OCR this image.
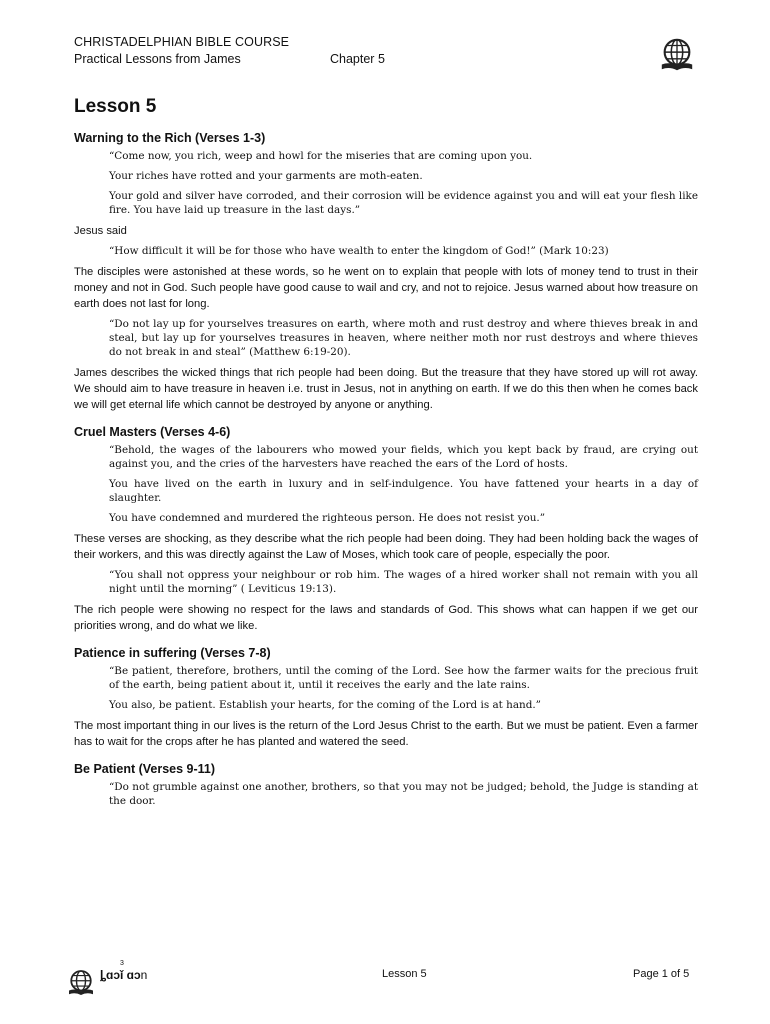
CHRISTADELPHIAN BIBLE COURSE
Practical Lessons from James	Chapter 5
Lesson 5
Warning to the Rich (Verses 1-3)

“Come now, you rich, weep and howl for the miseries that are coming upon you.

Your riches have rotted and your garments are moth-eaten.

Your gold and silver have corroded, and their corrosion will be evidence against you and will eat your flesh like fire. You have laid up treasure in the last days.”

Jesus said

“How difficult it will be for those who have wealth to enter the kingdom of God!” (Mark 10:23)

The disciples were astonished at these words, so he went on to explain that people with lots of money tend to trust in their money and not in God. Such people have good cause to wail and cry, and not to rejoice. Jesus warned about how treasure on earth does not last for long.

“Do not lay up for yourselves treasures on earth, where moth and rust destroy and where thieves break in and steal, but lay up for yourselves treasures in heaven, where neither moth nor rust destroys and where thieves do not break in and steal” (Matthew 6:19-20).

James describes the wicked things that rich people had been doing. But the treasure that they have stored up will rot away. We should aim to have treasure in heaven i.e. trust in Jesus, not in anything on earth. If we do this then when he comes back we will get eternal life which cannot be destroyed by anyone or anything.

Cruel Masters (Verses 4-6)

“Behold, the wages of the labourers who mowed your fields, which you kept back by fraud, are crying out against you, and the cries of the harvesters have reached the ears of the Lord of hosts.

You have lived on the earth in luxury and in self-indulgence. You have fattened your hearts in a day of slaughter.

You have condemned and murdered the righteous person. He does not resist you.”

These verses are shocking, as they describe what the rich people had been doing. They had been holding back the wages of their workers, and this was directly against the Law of Moses, which took care of people, especially the poor.

“You shall not oppress your neighbour or rob him. The wages of a hired worker shall not remain with you all night until the morning” ( Leviticus 19:13).

The rich people were showing no respect for the laws and standards of God. This shows what can happen if we get our priorities wrong, and do what we like.

Patience in suffering (Verses 7-8)

“Be patient, therefore, brothers, until the coming of the Lord. See how the farmer waits for the precious fruit of the earth, being patient about it, until it receives the early and the late rains.

You also, be patient. Establish your hearts, for the coming of the Lord is at hand.”

The most important thing in our lives is the return of the Lord Jesus Christ to the earth. But we must be patient. Even a farmer has to wait for the crops after he has planted and watered the seed.

Be Patient (Verses 9-11)

“Do not grumble against one another, brothers, so that you may not be judged; behold, the Judge is standing at the door.

3
ȴɑɔǐ ɑɔn	Lesson 5	Page 1 of 5
